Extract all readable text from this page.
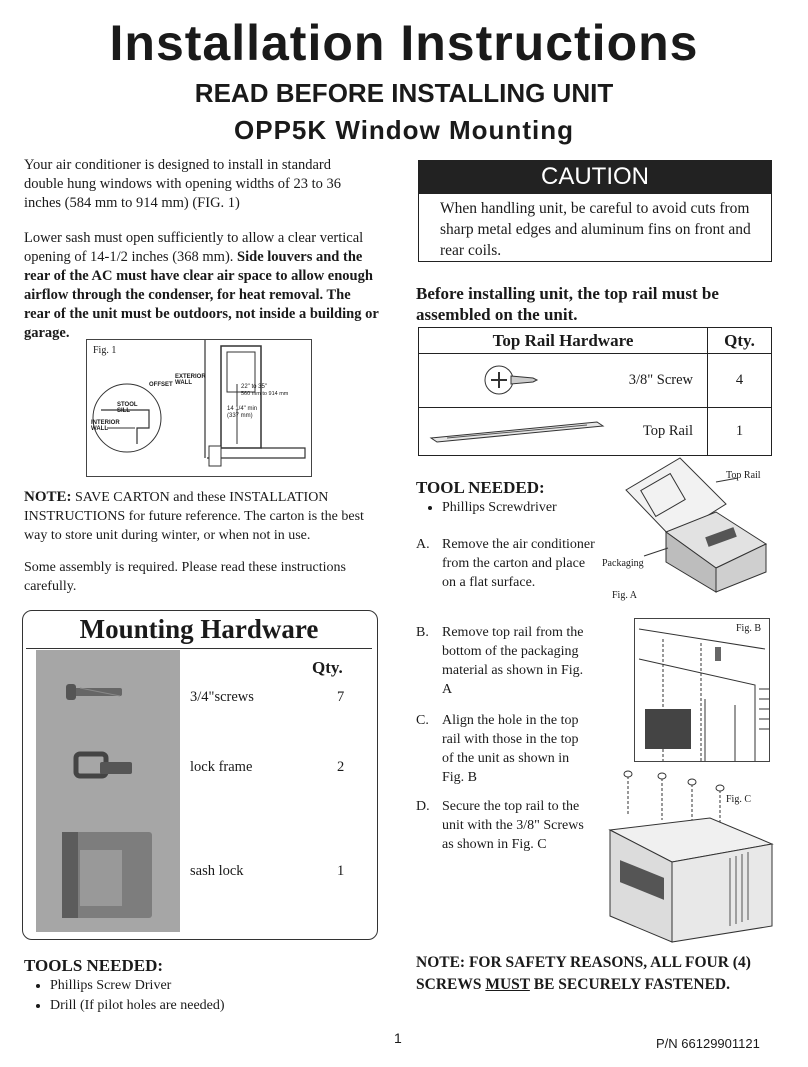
Installation Instructions
READ BEFORE INSTALLING UNIT
OPP5K Window Mounting
Your air conditioner is designed to install in standard double hung windows with opening widths of 23 to 36 inches (584 mm to 914 mm) (FIG. 1)
Lower sash must open sufficiently to allow a clear vertical opening of 14-1/2 inches (368 mm). Side louvers and the rear of the AC must have clear air space to allow enough airflow through the condenser, for heat removal. The rear of the unit must be outdoors, not inside a building or garage.
Fig. 1
EXTERIOR WALL
OFFSET
STOOL SILL
INTERIOR WALL
22" to 35"
560 mm to 914 mm
14 1/4" min
(337 mm)
NOTE: SAVE CARTON and these INSTALLATION INSTRUCTIONS for future reference. The carton is the best way to store unit during winter, or when not in use.
Some assembly is required. Please read these instructions carefully.
Mounting Hardware
Qty.
3/4"screws	7
lock frame	2
sash lock	1
TOOLS NEEDED:
• Phillips Screw Driver
• Drill (If pilot holes are needed)
CAUTION
When handling unit, be careful to avoid cuts from sharp metal edges and aluminum fins on front and rear coils.
Before installing unit, the top rail must be assembled on the unit.
Top Rail Hardware	Qty.

3/8" Screw	4

Top Rail	1
TOOL NEEDED:
• Phillips Screwdriver
A. Remove the air conditioner from the carton and place on a flat surface.
B. Remove top rail from the bottom of the packaging material as shown in Fig. A
C. Align the hole in the top rail with those in the top of the unit as shown in Fig. B
D. Secure the top rail to the unit with the 3/8" Screws as shown in Fig. C
Top Rail
Packaging
Fig. A
Fig. B
Fig. C
NOTE: FOR SAFETY REASONS, ALL FOUR (4) SCREWS MUST BE SECURELY FASTENED.
1	P/N 66129901121
